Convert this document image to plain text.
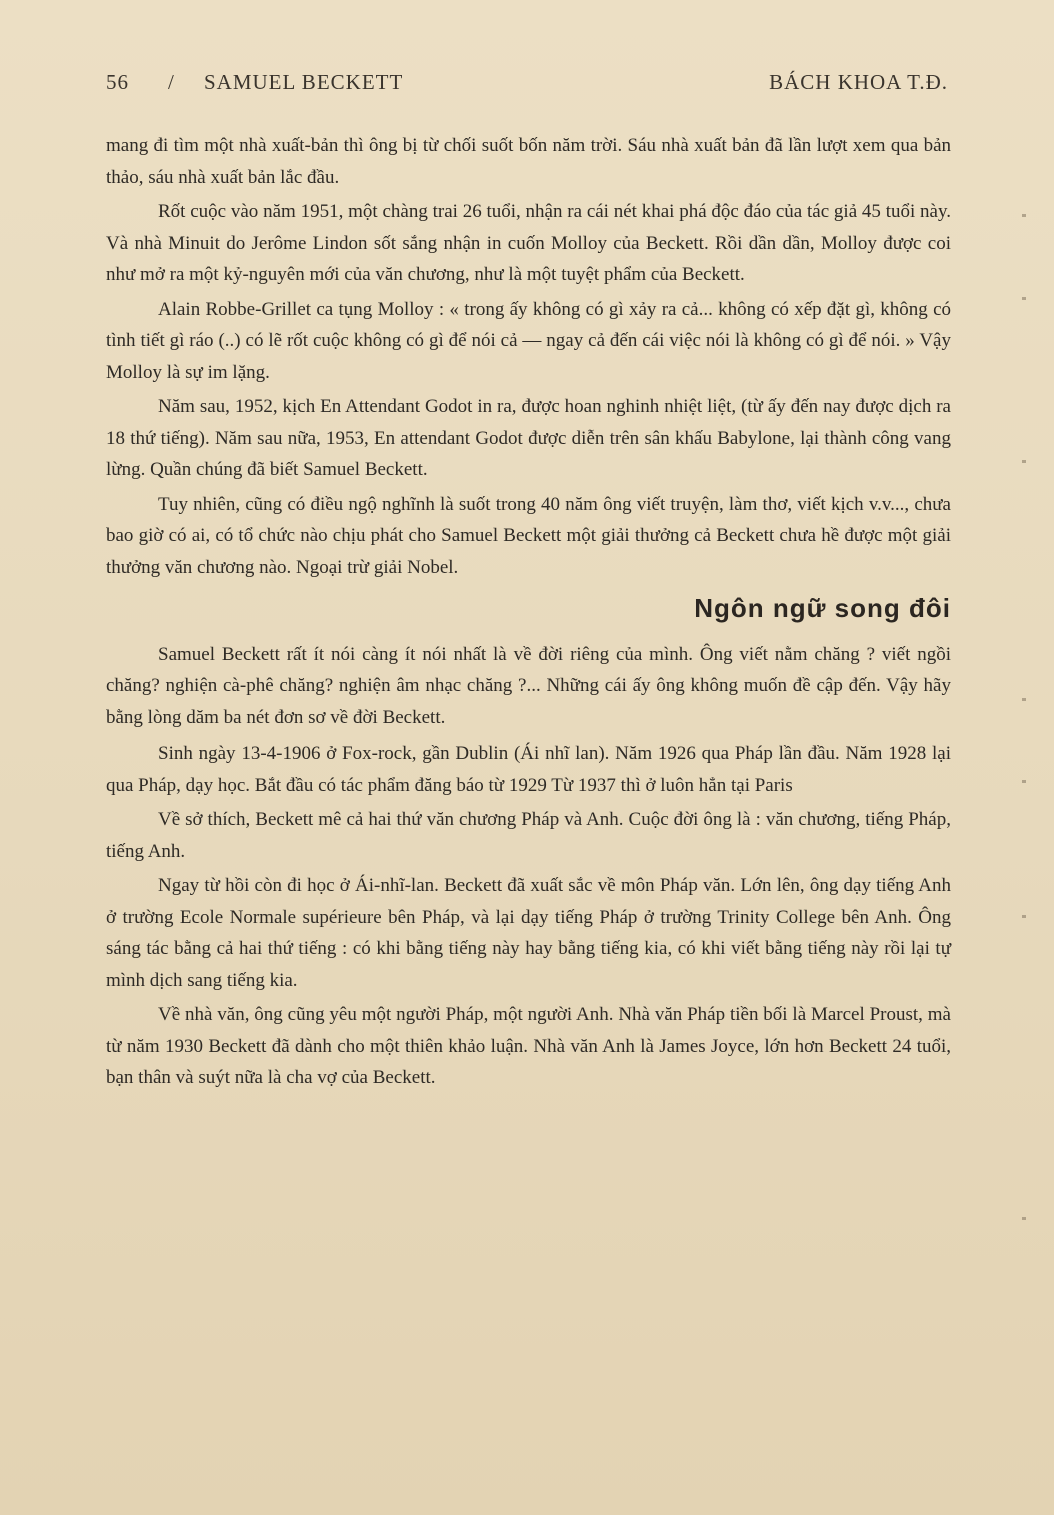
56 / SAMUEL BECKETT	BÁCH KHOA T.Đ.

mang đi tìm một nhà xuất-bản thì ông bị từ chối suốt bốn năm trời. Sáu nhà xuất bản đã lần lượt xem qua bản thảo, sáu nhà xuất bản lắc đầu.

Rốt cuộc vào năm 1951, một chàng trai 26 tuổi, nhận ra cái nét khai phá độc đáo của tác giả 45 tuổi này. Và nhà Minuit do Jerôme Lindon sốt sắng nhận in cuốn Molloy của Beckett. Rồi dần dần, Molloy được coi như mở ra một kỷ-nguyên mới của văn chương, như là một tuyệt phẩm của Beckett.

Alain Robbe-Grillet ca tụng Molloy : « trong ấy không có gì xảy ra cả... không có xếp đặt gì, không có tình tiết gì ráo (..) có lẽ rốt cuộc không có gì để nói cả — ngay cả đến cái việc nói là không có gì để nói. » Vậy Molloy là sự im lặng.

Năm sau, 1952, kịch En Attendant Godot in ra, được hoan nghinh nhiệt liệt, (từ ấy đến nay được dịch ra 18 thứ tiếng). Năm sau nữa, 1953, En attendant Godot được diễn trên sân khấu Babylone, lại thành công vang lừng. Quần chúng đã biết Samuel Beckett.

Tuy nhiên, cũng có điều ngộ nghĩnh là suốt trong 40 năm ông viết truyện, làm thơ, viết kịch v.v..., chưa bao giờ có ai, có tổ chức nào chịu phát cho Samuel Beckett một giải thưởng cả Beckett chưa hề được một giải thưởng văn chương nào. Ngoại trừ giải Nobel.

Ngôn ngữ song đôi

Samuel Beckett rất ít nói càng ít nói nhất là về đời riêng của mình. Ông viết nằm chăng ? viết ngồi chăng? nghiện cà-phê chăng? nghiện âm nhạc chăng ?... Những cái ấy ông không muốn đề cập đến. Vậy hãy bằng lòng dăm ba nét đơn sơ về đời Beckett.

Sinh ngày 13-4-1906 ở Fox-rock, gần Dublin (Ái nhĩ lan). Năm 1926 qua Pháp lần đầu. Năm 1928 lại qua Pháp, dạy học. Bắt đầu có tác phẩm đăng báo từ 1929 Từ 1937 thì ở luôn hẳn tại Paris

Về sở thích, Beckett mê cả hai thứ văn chương Pháp và Anh. Cuộc đời ông là : văn chương, tiếng Pháp, tiếng Anh.

Ngay từ hồi còn đi học ở Ái-nhĩ-lan. Beckett đã xuất sắc về môn Pháp văn. Lớn lên, ông dạy tiếng Anh ở trường Ecole Normale supérieure bên Pháp, và lại dạy tiếng Pháp ở trường Trinity College bên Anh. Ông sáng tác bằng cả hai thứ tiếng : có khi bằng tiếng này hay bằng tiếng kia, có khi viết bằng tiếng này rồi lại tự mình dịch sang tiếng kia.

Về nhà văn, ông cũng yêu một người Pháp, một người Anh. Nhà văn Pháp tiền bối là Marcel Proust, mà từ năm 1930 Beckett đã dành cho một thiên khảo luận. Nhà văn Anh là James Joyce, lớn hơn Beckett 24 tuổi, bạn thân và suýt nữa là cha vợ của Beckett.
